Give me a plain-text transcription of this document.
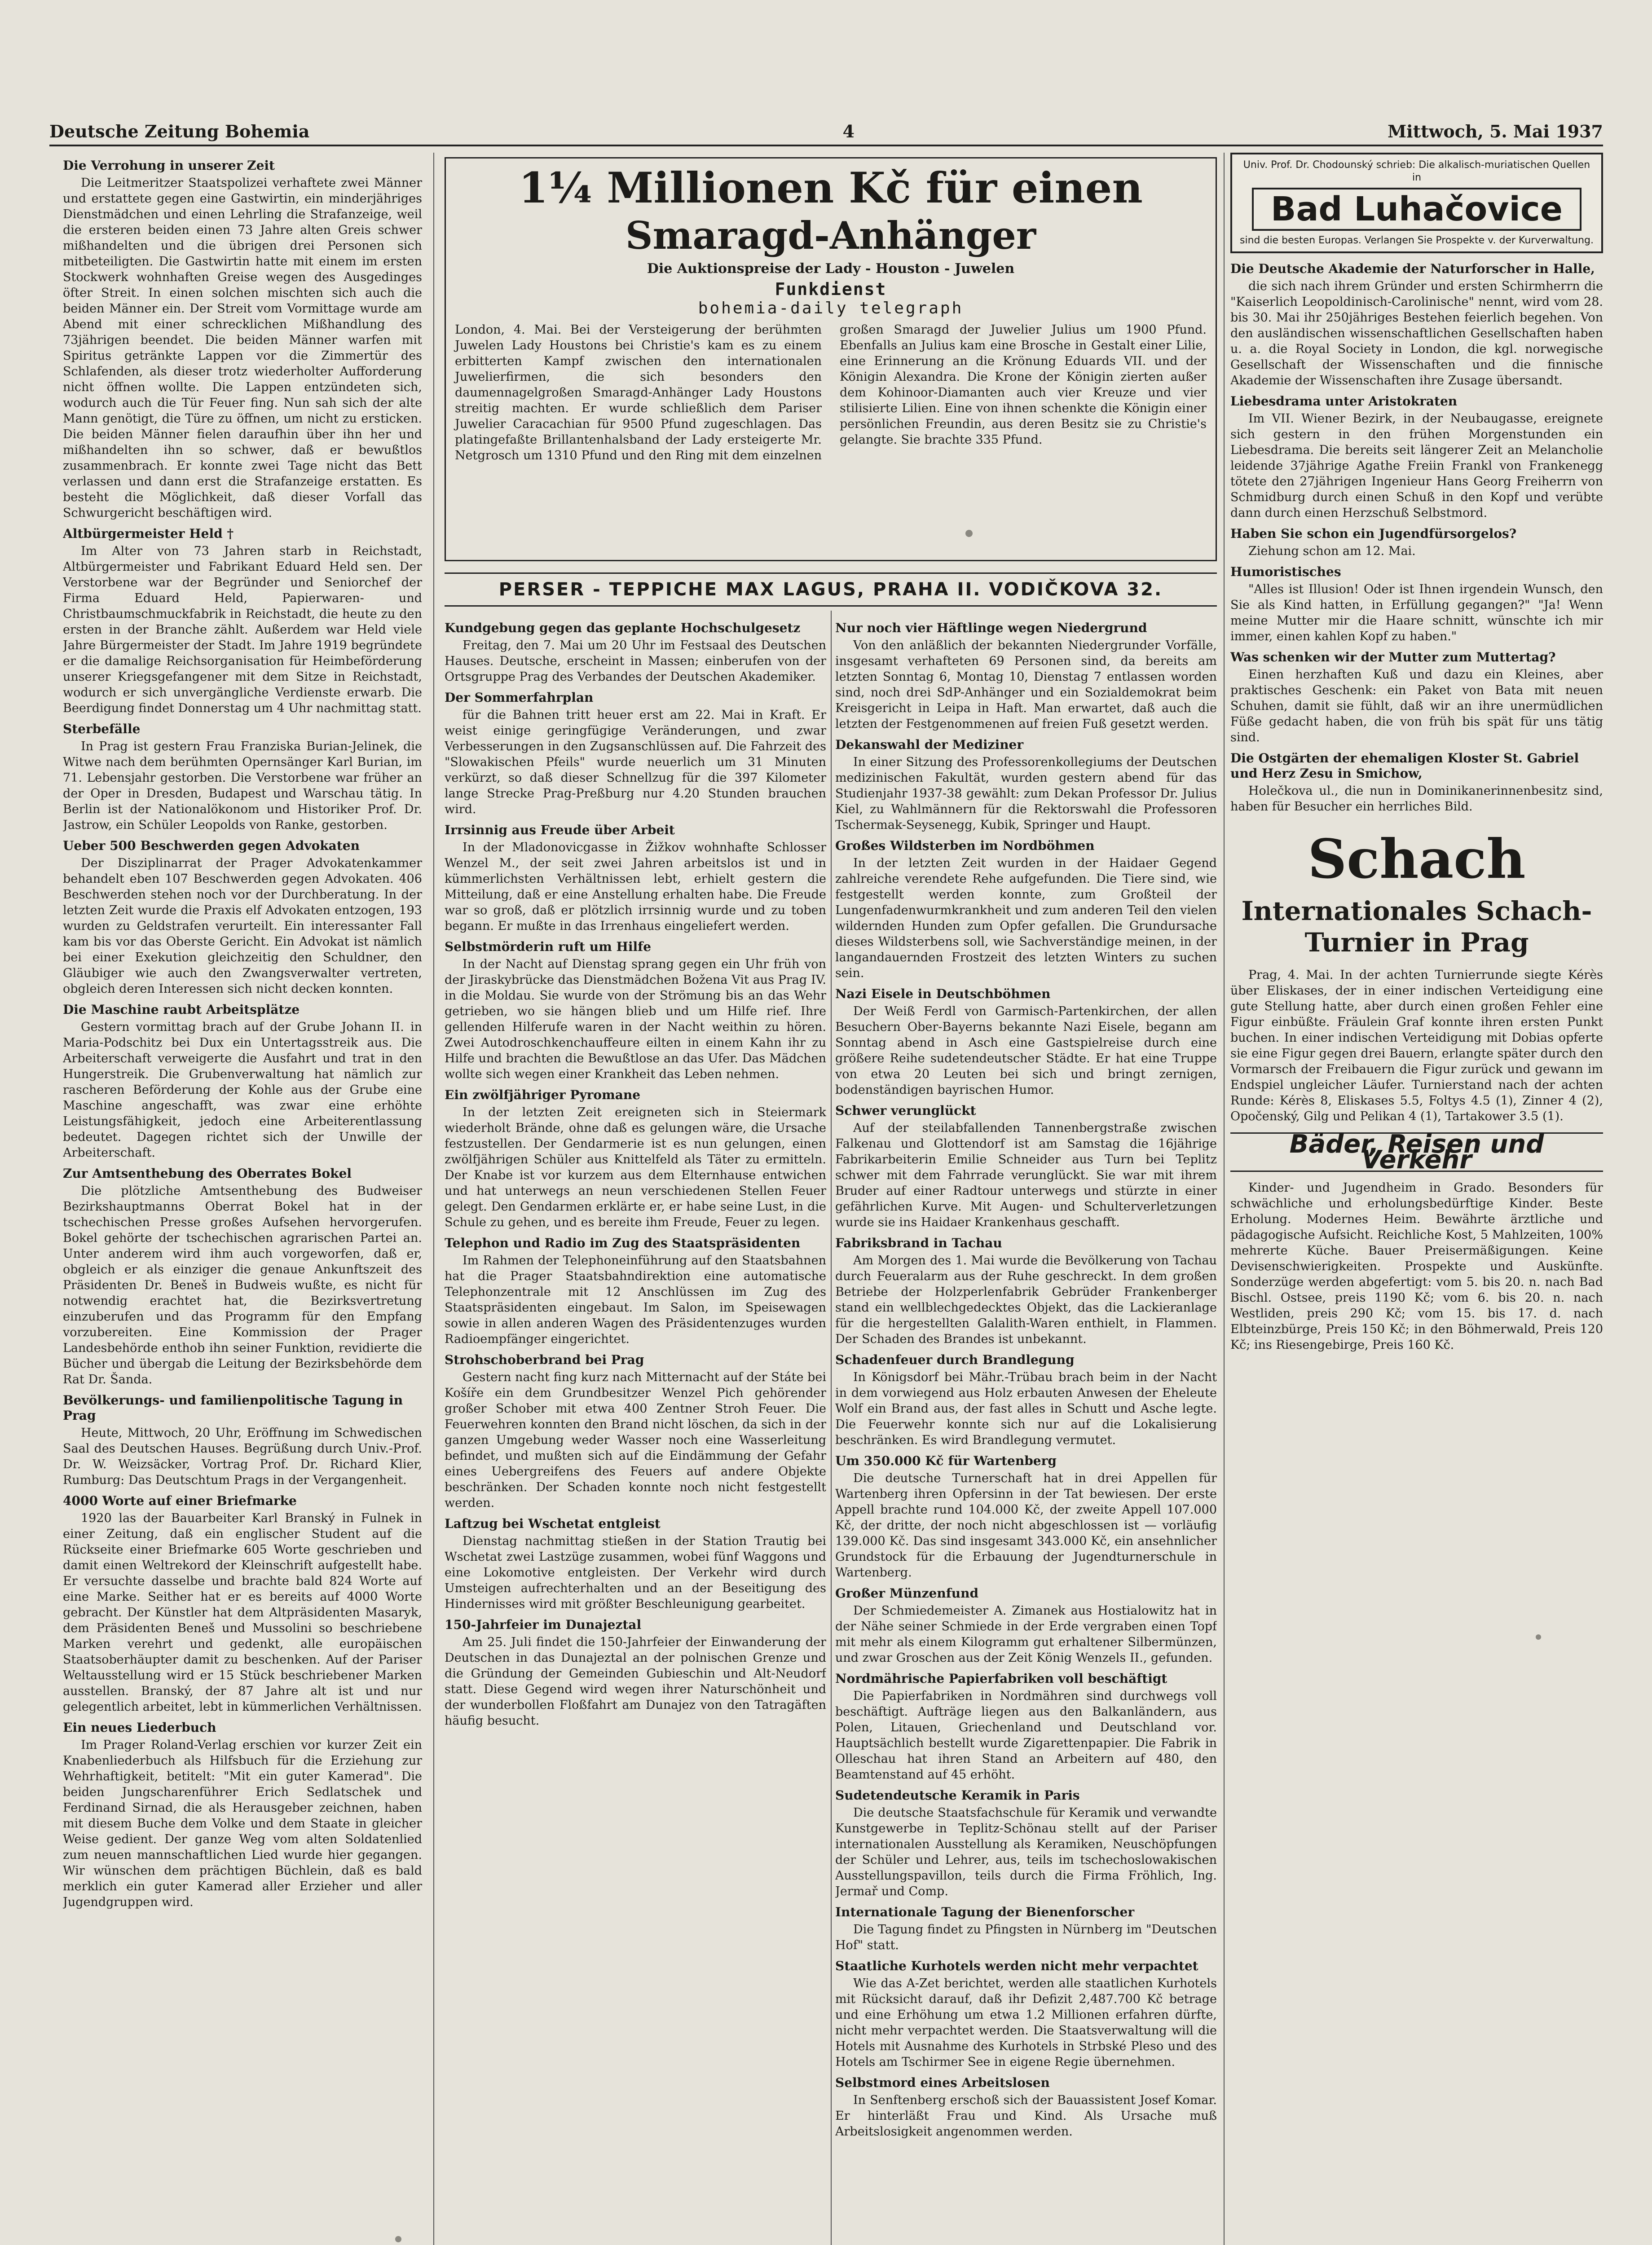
Deutsche Zeitung Bohemia	4	Mittwoch, 5. Mai 1937
Die Verrohung in unserer Zeit

Die Leitmeritzer Staatspolizei verhaftete zwei Männer und erstattete gegen eine Gastwirtin, ein minderjähriges Dienstmädchen und einen Lehrling die Strafanzeige, weil die ersteren beiden einen 73 Jahre alten Greis schwer mißhandelten und die übrigen drei Personen sich mitbeteiligten. Die Gastwirtin hatte mit einem im ersten Stockwerk wohnhaften Greise wegen des Ausgedinges öfter Streit. In einen solchen mischten sich auch die beiden Männer ein. Der Streit vom Vormittage wurde am Abend mit einer schrecklichen Mißhandlung des 73jährigen beendet. Die beiden Männer warfen mit Spiritus getränkte Lappen vor die Zimmertür des Schlafenden, als dieser trotz wiederholter Aufforderung nicht öffnen wollte. Die Lappen entzündeten sich, wodurch auch die Tür Feuer fing. Nun sah sich der alte Mann genötigt, die Türe zu öffnen, um nicht zu ersticken. Die beiden Männer fielen daraufhin über ihn her und mißhandelten ihn so schwer, daß er bewußtlos zusammenbrach. Er konnte zwei Tage nicht das Bett verlassen und dann erst die Strafanzeige erstatten. Es besteht die Möglichkeit, daß dieser Vorfall das Schwurgericht beschäftigen wird.

Altbürgermeister Held †

Im Alter von 73 Jahren starb in Reichstadt, Altbürgermeister und Fabrikant Eduard Held sen. Der Verstorbene war der Begründer und Seniorchef der Firma Eduard Held, Papierwaren- und Christbaumschmuckfabrik in Reichstadt, die heute zu den ersten in der Branche zählt. Außerdem war Held viele Jahre Bürgermeister der Stadt. Im Jahre 1919 begründete er die damalige Reichsorganisation für Heimbeförderung unserer Kriegsgefangener mit dem Sitze in Reichstadt, wodurch er sich unvergängliche Verdienste erwarb. Die Beerdigung findet Donnerstag um 4 Uhr nachmittag statt.

Sterbefälle

In Prag ist gestern Frau Franziska Burian-Jelinek, die Witwe nach dem berühmten Opernsänger Karl Burian, im 71. Lebensjahr gestorben. Die Verstorbene war früher an der Oper in Dresden, Budapest und Warschau tätig. In Berlin ist der Nationalökonom und Historiker Prof. Dr. Jastrow, ein Schüler Leopolds von Ranke, gestorben.

Ueber 500 Beschwerden gegen Advokaten

Der Disziplinarrat der Prager Advokatenkammer behandelt eben 107 Beschwerden gegen Advokaten. 406 Beschwerden stehen noch vor der Durchberatung. In der letzten Zeit wurde die Praxis elf Advokaten entzogen, 193 wurden zu Geldstrafen verurteilt. Ein interessanter Fall kam bis vor das Oberste Gericht. Ein Advokat ist nämlich bei einer Exekution gleichzeitig den Schuldner, den Gläubiger wie auch den Zwangsverwalter vertreten, obgleich deren Interessen sich nicht decken konnten.

Die Maschine raubt Arbeitsplätze

Gestern vormittag brach auf der Grube Johann II. in Maria-Podschitz bei Dux ein Untertagsstreik aus. Die Arbeiterschaft verweigerte die Ausfahrt und trat in den Hungerstreik. Die Grubenverwaltung hat nämlich zur rascheren Beförderung der Kohle aus der Grube eine Maschine angeschafft, was zwar eine erhöhte Leistungsfähigkeit, jedoch eine Arbeiterentlassung bedeutet. Dagegen richtet sich der Unwille der Arbeiterschaft.

Zur Amtsenthebung des Oberrates Bokel

Die plötzliche Amtsenthebung des Budweiser Bezirkshauptmanns Oberrat Bokel hat in der tschechischen Presse großes Aufsehen hervorgerufen. Bokel gehörte der tschechischen agrarischen Partei an. Unter anderem wird ihm auch vorgeworfen, daß er, obgleich er als einziger die genaue Ankunftszeit des Präsidenten Dr. Beneš in Budweis wußte, es nicht für notwendig erachtet hat, die Bezirksvertretung einzuberufen und das Programm für den Empfang vorzubereiten. Eine Kommission der Prager Landesbehörde enthob ihn seiner Funktion, revidierte die Bücher und übergab die Leitung der Bezirksbehörde dem Rat Dr. Šanda.

Bevölkerungs- und familienpolitische Tagung in Prag

Heute, Mittwoch, 20 Uhr, Eröffnung im Schwedischen Saal des Deutschen Hauses. Begrüßung durch Univ.-Prof. Dr. W. Weizsäcker, Vortrag Prof. Dr. Richard Klier, Rumburg: Das Deutschtum Prags in der Vergangenheit.

4000 Worte auf einer Briefmarke

1920 las der Bauarbeiter Karl Branský in Fulnek in einer Zeitung, daß ein englischer Student auf die Rückseite einer Briefmarke 605 Worte geschrieben und damit einen Weltrekord der Kleinschrift aufgestellt habe. Er versuchte dasselbe und brachte bald 824 Worte auf eine Marke. Seither hat er es bereits auf 4000 Worte gebracht. Der Künstler hat dem Altpräsidenten Masaryk, dem Präsidenten Beneš und Mussolini so beschriebene Marken verehrt und gedenkt, alle europäischen Staatsoberhäupter damit zu beschenken. Auf der Pariser Weltausstellung wird er 15 Stück beschriebener Marken ausstellen. Branský, der 87 Jahre alt ist und nur gelegentlich arbeitet, lebt in kümmerlichen Verhältnissen.

Ein neues Liederbuch

Im Prager Roland-Verlag erschien vor kurzer Zeit ein Knabenliederbuch als Hilfsbuch für die Erziehung zur Wehrhaftigkeit, betitelt: "Mit ein guter Kamerad". Die beiden Jungscharenführer Erich Sedlatschek und Ferdinand Sirnad, die als Herausgeber zeichnen, haben mit diesem Buche dem Volke und dem Staate in gleicher Weise gedient. Der ganze Weg vom alten Soldatenlied zum neuen mannschaftlichen Lied wurde hier gegangen. Wir wünschen dem prächtigen Büchlein, daß es bald merklich ein guter Kamerad aller Erzieher und aller Jugendgruppen wird.

1¼ Millionen Kč für einen
Smaragd-Anhänger
Die Auktionspreise der Lady - Houston - Juwelen
Funkdienst
bohemia-daily telegraph
London, 4. Mai. Bei der Versteigerung der berühmten Juwelen Lady Houstons bei Christie's kam es zu einem erbitterten Kampf zwischen den internationalen Juwelierfirmen, die sich besonders den daumennagelgroßen Smaragd-Anhänger Lady Houstons streitig machten. Er wurde schließlich dem Pariser Juwelier Caracachian für 9500 Pfund zugeschlagen. Das platingefaßte Brillantenhalsband der Lady ersteigerte Mr. Netgrosch um 1310 Pfund und den Ring mit dem einzelnen großen Smaragd der Juwelier Julius um 1900 Pfund. Ebenfalls an Julius kam eine Brosche in Gestalt einer Lilie, eine Erinnerung an die Krönung Eduards VII. und der Königin Alexandra. Die Krone der Königin zierten außer dem Kohinoor-Diamanten auch vier Kreuze und vier stilisierte Lilien. Eine von ihnen schenkte die Königin einer persönlichen Freundin, aus deren Besitz sie zu Christie's gelangte. Sie brachte 335 Pfund.
PERSER - TEPPICHE MAX LAGUS, PRAHA II. VODIČKOVA 32.
Kundgebung gegen das geplante Hochschulgesetz

Freitag, den 7. Mai um 20 Uhr im Festsaal des Deutschen Hauses. Deutsche, erscheint in Massen; einberufen von der Ortsgruppe Prag des Verbandes der Deutschen Akademiker.

Der Sommerfahrplan

für die Bahnen tritt heuer erst am 22. Mai in Kraft. Er weist einige geringfügige Veränderungen, und zwar Verbesserungen in den Zugsanschlüssen auf. Die Fahrzeit des "Slowakischen Pfeils" wurde neuerlich um 31 Minuten verkürzt, so daß dieser Schnellzug für die 397 Kilometer lange Strecke Prag-Preßburg nur 4.20 Stunden brauchen wird.

Irrsinnig aus Freude über Arbeit

In der Mladonovicgasse in Žižkov wohnhafte Schlosser Wenzel M., der seit zwei Jahren arbeitslos ist und in kümmerlichsten Verhältnissen lebt, erhielt gestern die Mitteilung, daß er eine Anstellung erhalten habe. Die Freude war so groß, daß er plötzlich irrsinnig wurde und zu toben begann. Er mußte in das Irrenhaus eingeliefert werden.

Selbstmörderin ruft um Hilfe

In der Nacht auf Dienstag sprang gegen ein Uhr früh von der Jiraskybrücke das Dienstmädchen Božena Vit aus Prag IV. in die Moldau. Sie wurde von der Strömung bis an das Wehr getrieben, wo sie hängen blieb und um Hilfe rief. Ihre gellenden Hilferufe waren in der Nacht weithin zu hören. Zwei Autodroschkenchauffeure eilten in einem Kahn ihr zu Hilfe und brachten die Bewußtlose an das Ufer. Das Mädchen wollte sich wegen einer Krankheit das Leben nehmen.

Ein zwölfjähriger Pyromane

In der letzten Zeit ereigneten sich in Steiermark wiederholt Brände, ohne daß es gelungen wäre, die Ursache festzustellen. Der Gendarmerie ist es nun gelungen, einen zwölfjährigen Schüler aus Knittelfeld als Täter zu ermitteln. Der Knabe ist vor kurzem aus dem Elternhause entwichen und hat unterwegs an neun verschiedenen Stellen Feuer gelegt. Den Gendarmen erklärte er, er habe seine Lust, in die Schule zu gehen, und es bereite ihm Freude, Feuer zu legen.

Telephon und Radio im Zug des Staatspräsidenten

Im Rahmen der Telephoneinführung auf den Staatsbahnen hat die Prager Staatsbahndirektion eine automatische Telephonzentrale mit 12 Anschlüssen im Zug des Staatspräsidenten eingebaut. Im Salon, im Speisewagen sowie in allen anderen Wagen des Präsidentenzuges wurden Radioempfänger eingerichtet.

Strohschoberbrand bei Prag

Gestern nacht fing kurz nach Mitternacht auf der Státe bei Košíře ein dem Grundbesitzer Wenzel Pich gehörender großer Schober mit etwa 400 Zentner Stroh Feuer. Die Feuerwehren konnten den Brand nicht löschen, da sich in der ganzen Umgebung weder Wasser noch eine Wasserleitung befindet, und mußten sich auf die Eindämmung der Gefahr eines Uebergreifens des Feuers auf andere Objekte beschränken. Der Schaden konnte noch nicht festgestellt werden.

Laftzug bei Wschetat entgleist

Dienstag nachmittag stießen in der Station Trautig bei Wschetat zwei Lastzüge zusammen, wobei fünf Waggons und eine Lokomotive entgleisten. Der Verkehr wird durch Umsteigen aufrechterhalten und an der Beseitigung des Hindernisses wird mit größter Beschleunigung gearbeitet.

150-Jahrfeier im Dunajeztal

Am 25. Juli findet die 150-Jahrfeier der Einwanderung der Deutschen in das Dunajeztal an der polnischen Grenze und die Gründung der Gemeinden Gubieschin und Alt-Neudorf statt. Diese Gegend wird wegen ihrer Naturschönheit und der wunderbollen Floßfahrt am Dunajez von den Tatragäften häufig besucht.

Nur noch vier Häftlinge wegen Niedergrund

Von den anläßlich der bekannten Niedergrunder Vorfälle, insgesamt verhafteten 69 Personen sind, da bereits am letzten Sonntag 6, Montag 10, Dienstag 7 entlassen worden sind, noch drei SdP-Anhänger und ein Sozialdemokrat beim Kreisgericht in Leipa in Haft. Man erwartet, daß auch die letzten der Festgenommenen auf freien Fuß gesetzt werden.

Dekanswahl der Mediziner

In einer Sitzung des Professorenkollegiums der Deutschen medizinischen Fakultät, wurden gestern abend für das Studienjahr 1937-38 gewählt: zum Dekan Professor Dr. Julius Kiel, zu Wahlmännern für die Rektorswahl die Professoren Tschermak-Seysenegg, Kubik, Springer und Haupt.

Großes Wildsterben im Nordböhmen

In der letzten Zeit wurden in der Haidaer Gegend zahlreiche verendete Rehe aufgefunden. Die Tiere sind, wie festgestellt werden konnte, zum Großteil der Lungenfadenwurmkrankheit und zum anderen Teil den vielen wildernden Hunden zum Opfer gefallen. Die Grundursache dieses Wildsterbens soll, wie Sachverständige meinen, in der langandauernden Frostzeit des letzten Winters zu suchen sein.

Nazi Eisele in Deutschböhmen

Der Weiß Ferdl von Garmisch-Partenkirchen, der allen Besuchern Ober-Bayerns bekannte Nazi Eisele, begann am Sonntag abend in Asch eine Gastspielreise durch eine größere Reihe sudetendeutscher Städte. Er hat eine Truppe von etwa 20 Leuten bei sich und bringt zernigen, bodenständigen bayrischen Humor.

Schwer verunglückt

Auf der steilabfallenden Tannenbergstraße zwischen Falkenau und Glottendorf ist am Samstag die 16jährige Fabrikarbeiterin Emilie Schneider aus Turn bei Teplitz schwer mit dem Fahrrade verunglückt. Sie war mit ihrem Bruder auf einer Radtour unterwegs und stürzte in einer gefährlichen Kurve. Mit Augen- und Schulterverletzungen wurde sie ins Haidaer Krankenhaus geschafft.

Fabriksbrand in Tachau

Am Morgen des 1. Mai wurde die Bevölkerung von Tachau durch Feueralarm aus der Ruhe geschreckt. In dem großen Betriebe der Holzperlenfabrik Gebrüder Frankenberger stand ein wellblechgedecktes Objekt, das die Lackieranlage für die hergestellten Galalith-Waren enthielt, in Flammen. Der Schaden des Brandes ist unbekannt.

Schadenfeuer durch Brandlegung

In Königsdorf bei Mähr.-Trübau brach beim in der Nacht in dem vorwiegend aus Holz erbauten Anwesen der Eheleute Wolf ein Brand aus, der fast alles in Schutt und Asche legte. Die Feuerwehr konnte sich nur auf die Lokalisierung beschränken. Es wird Brandlegung vermutet.

Um 350.000 Kč für Wartenberg

Die deutsche Turnerschaft hat in drei Appellen für Wartenberg ihren Opfersinn in der Tat bewiesen. Der erste Appell brachte rund 104.000 Kč, der zweite Appell 107.000 Kč, der dritte, der noch nicht abgeschlossen ist — vorläufig 139.000 Kč. Das sind insgesamt 343.000 Kč, ein ansehnlicher Grundstock für die Erbauung der Jugendturnerschule in Wartenberg.

Großer Münzenfund

Der Schmiedemeister A. Zimanek aus Hostialowitz hat in der Nähe seiner Schmiede in der Erde vergraben einen Topf mit mehr als einem Kilogramm gut erhaltener Silbermünzen, und zwar Groschen aus der Zeit König Wenzels II., gefunden.

Nordmährische Papierfabriken voll beschäftigt

Die Papierfabriken in Nordmähren sind durchwegs voll beschäftigt. Aufträge liegen aus den Balkanländern, aus Polen, Litauen, Griechenland und Deutschland vor. Hauptsächlich bestellt wurde Zigarettenpapier. Die Fabrik in Olleschau hat ihren Stand an Arbeitern auf 480, den Beamtenstand auf 45 erhöht.

Sudetendeutsche Keramik in Paris

Die deutsche Staatsfachschule für Keramik und verwandte Kunstgewerbe in Teplitz-Schönau stellt auf der Pariser internationalen Ausstellung als Keramiken, Neuschöpfungen der Schüler und Lehrer, aus, teils im tschechoslowakischen Ausstellungspavillon, teils durch die Firma Fröhlich, Ing. Jermař und Comp.

Internationale Tagung der Bienenforscher

Die Tagung findet zu Pfingsten in Nürnberg im "Deutschen Hof" statt.

Staatliche Kurhotels werden nicht mehr verpachtet

Wie das A-Zet berichtet, werden alle staatlichen Kurhotels mit Rücksicht darauf, daß ihr Defizit 2,487.700 Kč betrage und eine Erhöhung um etwa 1.2 Millionen erfahren dürfte, nicht mehr verpachtet werden. Die Staatsverwaltung will die Hotels mit Ausnahme des Kurhotels in Strbské Pleso und des Hotels am Tschirmer See in eigene Regie übernehmen.

Selbstmord eines Arbeitslosen

In Senftenberg erschoß sich der Bauassistent Josef Komar. Er hinterläßt Frau und Kind. Als Ursache muß Arbeitslosigkeit angenommen werden.

Univ. Prof. Dr. Chodounský schrieb: Die alkalisch-muriatischen Quellen in
Bad Luhačovice
sind die besten Europas. Verlangen Sie Prospekte v. der Kurverwaltung.
Die Deutsche Akademie der Naturforscher in Halle,

die sich nach ihrem Gründer und ersten Schirmherrn die "Kaiserlich Leopoldinisch-Carolinische" nennt, wird vom 28. bis 30. Mai ihr 250jähriges Bestehen feierlich begehen. Von den ausländischen wissenschaftlichen Gesellschaften haben u. a. die Royal Society in London, die kgl. norwegische Gesellschaft der Wissenschaften und die finnische Akademie der Wissenschaften ihre Zusage übersandt.

Liebesdrama unter Aristokraten

Im VII. Wiener Bezirk, in der Neubaugasse, ereignete sich gestern in den frühen Morgenstunden ein Liebesdrama. Die bereits seit längerer Zeit an Melancholie leidende 37jährige Agathe Freiin Frankl von Frankenegg tötete den 27jährigen Ingenieur Hans Georg Freiherrn von Schmidburg durch einen Schuß in den Kopf und verübte dann durch einen Herzschuß Selbstmord.

Haben Sie schon ein Jugendfürsorgelos?

Ziehung schon am 12. Mai.

Humoristisches

"Alles ist Illusion! Oder ist Ihnen irgendein Wunsch, den Sie als Kind hatten, in Erfüllung gegangen?" "Ja! Wenn meine Mutter mir die Haare schnitt, wünschte ich mir immer, einen kahlen Kopf zu haben."

Was schenken wir der Mutter zum Muttertag?

Einen herzhaften Kuß und dazu ein Kleines, aber praktisches Geschenk: ein Paket von Bata mit neuen Schuhen, damit sie fühlt, daß wir an ihre unermüdlichen Füße gedacht haben, die von früh bis spät für uns tätig sind.

Die Ostgärten der ehemaligen Kloster St. Gabriel und Herz Zesu in Smichow,

Holečkova ul., die nun in Dominikanerinnenbesitz sind, haben für Besucher ein herrliches Bild.

Schach
Internationales Schach-Turnier in Prag

Prag, 4. Mai. In der achten Turnierrunde siegte Kérès über Eliskases, der in einer indischen Verteidigung eine gute Stellung hatte, aber durch einen großen Fehler eine Figur einbüßte. Fräulein Graf konnte ihren ersten Punkt buchen. In einer indischen Verteidigung mit Dobias opferte sie eine Figur gegen drei Bauern, erlangte später durch den Vormarsch der Freibauern die Figur zurück und gewann im Endspiel ungleicher Läufer. Turnierstand nach der achten Runde: Kérès 8, Eliskases 5.5, Foltys 4.5 (1), Zinner 4 (2), Opočenský, Gilg und Pelikan 4 (1), Tartakower 3.5 (1).

Bäder, Reisen und Verkehr

Kinder- und Jugendheim in Grado. Besonders für schwächliche und erholungsbedürftige Kinder. Beste Erholung. Modernes Heim. Bewährte ärztliche und pädagogische Aufsicht. Reichliche Kost, 5 Mahlzeiten, 100% mehrerte Küche. Bauer Preisermäßigungen. Keine Devisenschwierigkeiten. Prospekte und Auskünfte. Sonderzüge werden abgefertigt: vom 5. bis 20. n. nach Bad Bischl. Ostsee, preis 1190 Kč; vom 6. bis 20. n. nach Westliden, preis 290 Kč; vom 15. bis 17. d. nach Elbteinzbürge, Preis 150 Kč; in den Böhmerwald, Preis 120 Kč; ins Riesengebirge, Preis 160 Kč.
